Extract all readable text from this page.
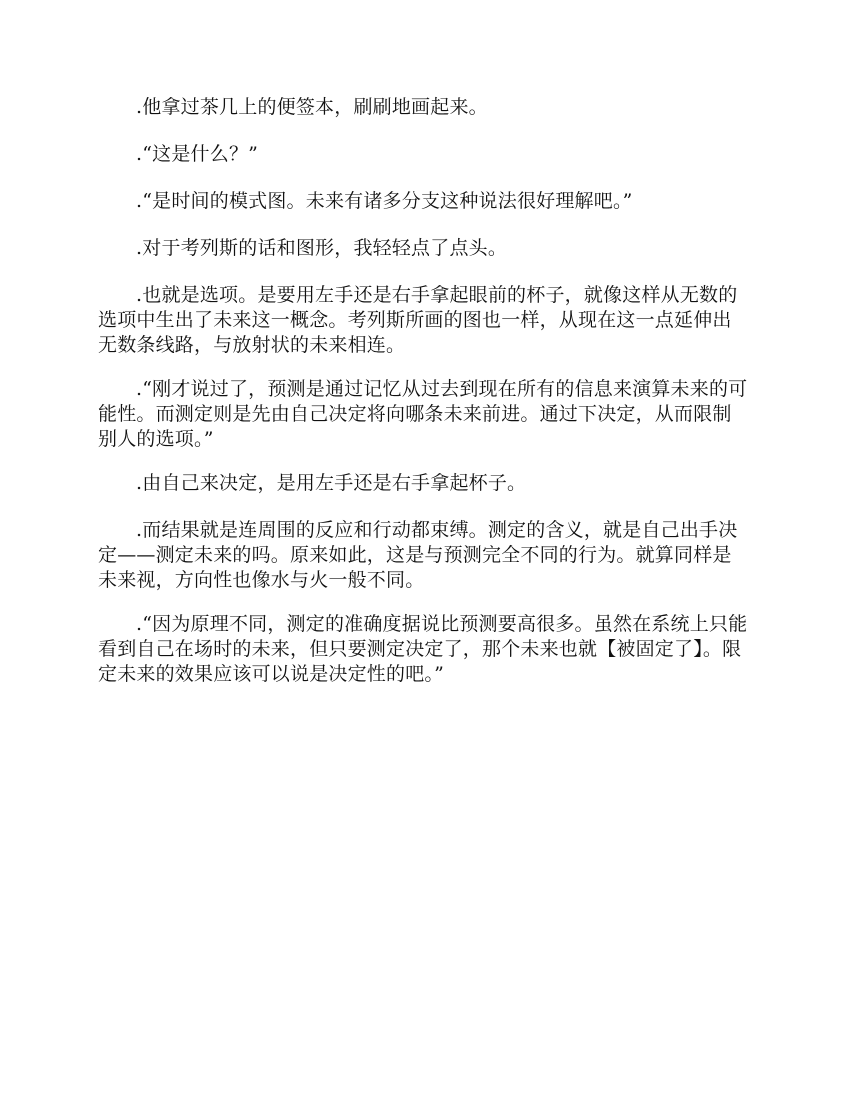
.他拿过茶几上的便签本，刷刷地画起来。

.“这是什么？”

.“是时间的模式图。未来有诸多分支这种说法很好理解吧。”

.对于考列斯的话和图形，我轻轻点了点头。

.也就是选项。是要用左手还是右手拿起眼前的杯子，就像这样从无数的选项中生出了未来这一概念。考列斯所画的图也一样，从现在这一点延伸出无数条线路，与放射状的未来相连。

.“刚才说过了，预测是通过记忆从过去到现在所有的信息来演算未来的可能性。而测定则是先由自己决定将向哪条未来前进。通过下决定，从而限制别人的选项。”

.由自己来决定，是用左手还是右手拿起杯子。

.而结果就是连周围的反应和行动都束缚。测定的含义，就是自己出手决定——测定未来的吗。原来如此，这是与预测完全不同的行为。就算同样是未来视，方向性也像水与火一般不同。

.“因为原理不同，测定的准确度据说比预测要高很多。虽然在系统上只能看到自己在场时的未来，但只要测定决定了，那个未来也就【被固定了】。限定未来的效果应该可以说是决定性的吧。”
